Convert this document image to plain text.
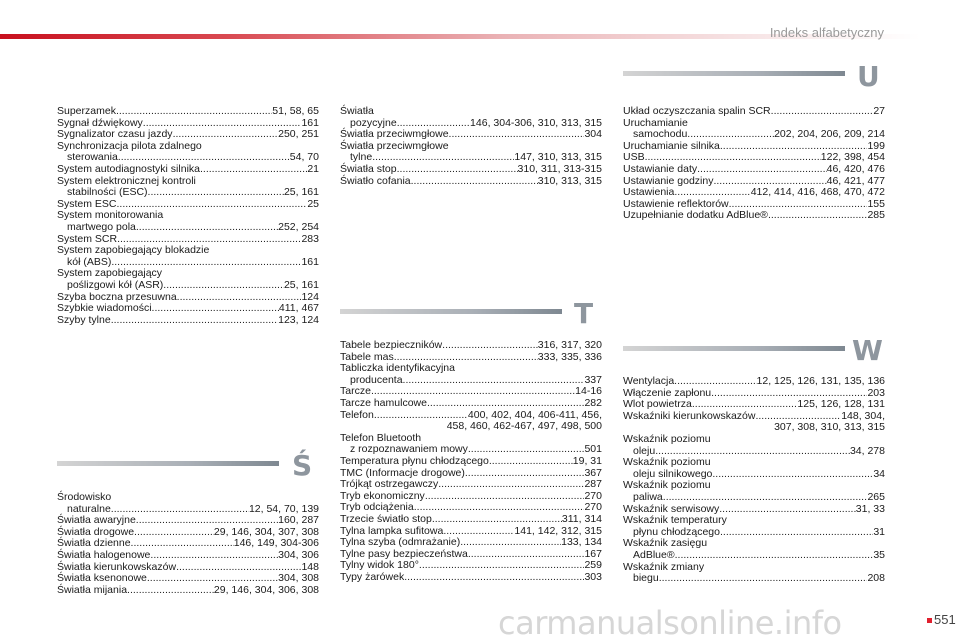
Indeks alfabetyczny
Superzamek .....	51, 58, 65
Sygnał dźwiękowy .....	161
Sygnalizator czasu jazdy .....	250, 251
Synchronizacja pilota zdalnego
sterowania .....	54, 70
System autodiagnostyki silnika .....	21
System elektronicznej kontroli
stabilności (ESC) .....	25, 161
System ESC .....	25
System monitorowania
martwego pola .....	252, 254
System SCR .....	283
System zapobiegający blokadzie
kół (ABS) .....	161
System zapobiegający
poślizgowi kół (ASR) .....	25, 161
Szyba boczna przesuwna .....	124
Szybkie wiadomości .....	411, 467
Szyby tylne .....	123, 124
Ś
Środowisko
naturalne .....	12, 54, 70, 139
Światła awaryjne .....	160, 287
Światła drogowe .....	29, 146, 304, 307, 308
Światła dzienne .....	146, 149, 304-306
Światła halogenowe .....	304, 306
Światła kierunkowskazów .....	148
Światła ksenonowe .....	304, 308
Światła mijania .....	29, 146, 304, 306, 308
Światła
pozycyjne .....	146, 304-306, 310, 313, 315
Światła przeciwmgłowe .....	304
Światła przeciwmgłowe
tylne .....	147, 310, 313, 315
Światła stop .....	310, 311, 313-315
Światło cofania .....	310, 313, 315
T
Tabele bezpieczników .....	316, 317, 320
Tabele mas .....	333, 335, 336
Tabliczka identyfikacyjna
producenta .....	337
Tarcze .....	14-16
Tarcze hamulcowe .....	282
Telefon .....	400, 402, 404, 406-411, 456,
458, 460, 462-467, 497, 498, 500
Telefon Bluetooth
z rozpoznawaniem mowy .....	501
Temperatura płynu chłodzącego .....	19, 31
TMC (Informacje drogowe) .....	367
Trójkąt ostrzegawczy .....	287
Tryb ekonomiczny .....	270
Tryb odciążenia .....	270
Trzecie światło stop .....	311, 314
Tylna lampka sufitowa .....	141, 142, 312, 315
Tylna szyba (odmrażanie) .....	133, 134
Tylne pasy bezpieczeństwa .....	167
Tylny widok 180° .....	259
Typy żarówek .....	303
U
Układ oczyszczania spalin SCR .....	27
Uruchamianie
samochodu .....	202, 204, 206, 209, 214
Uruchamianie silnika .....	199
USB .....	122, 398, 454
Ustawianie daty .....	46, 420, 476
Ustawianie godziny .....	46, 421, 477
Ustawienia .....	412, 414, 416, 468, 470, 472
Ustawienie reflektorów .....	155
Uzupełnianie dodatku AdBlue® .....	285
W
Wentylacja .....	12, 125, 126, 131, 135, 136
Włączenie zapłonu .....	203
Wlot powietrza .....	125, 126, 128, 131
Wskaźniki kierunkowskazów .....	148, 304,
307, 308, 310, 313, 315
Wskaźnik poziomu
oleju .....	34, 278
Wskaźnik poziomu
oleju silnikowego .....	34
Wskaźnik poziomu
paliwa .....	265
Wskaźnik serwisowy .....	31, 33
Wskaźnik temperatury
płynu chłodzącego .....	31
Wskaźnik zasięgu
AdBlue® .....	35
Wskaźnik zmiany
biegu .....	208
carmanualsonline.info	551
